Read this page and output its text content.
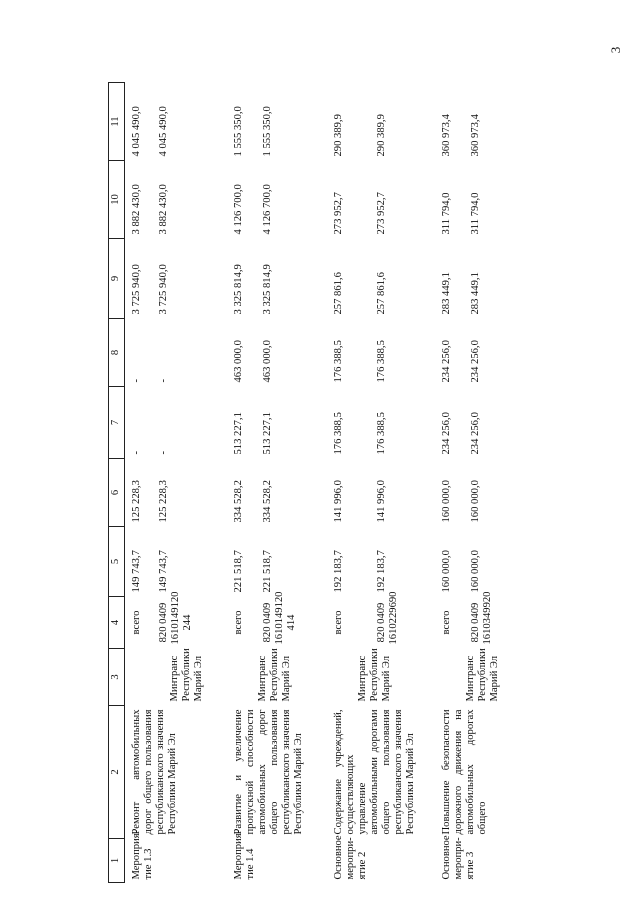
3
1	2	3	4	5	6	7	8	9	10	11
Мероприя-тие 1.3	Ремонт автомобильных дорог общего пользования республиканского значения Республики Марий Эл	Минтранс Республики Марий Эл	всего	149 743,7	125 228,3	-	-	3 725 940,0	3 882 430,0	4 045 490,0
			820 0409 1610149120 244	149 743,7	125 228,3	-	-	3 725 940,0	3 882 430,0	4 045 490,0
Мероприя-тие 1.4	Развитие и увеличение пропускной способности автомобильных дорог общего пользования республиканского значения Республики Марий Эл	Минтранс Республики Марий Эл	всего	221 518,7	334 528,2	513 227,1	463 000,0	3 325 814,9	4 126 700,0	1 555 350,0
			820 0409 1610149120 414	221 518,7	334 528,2	513 227,1	463 000,0	3 325 814,9	4 126 700,0	1 555 350,0
Основное меропри-ятие 2	Содержание учреждений, осуществляющих управление автомобильными дорогами общего пользования республиканского значения Республики Марий Эл	Минтранс Республики Марий Эл	всего	192 183,7	141 996,0	176 388,5	176 388,5	257 861,6	273 952,7	290 389,9
			820 0409 1610229690	192 183,7	141 996,0	176 388,5	176 388,5	257 861,6	273 952,7	290 389,9
Основное меропри-ятие 3	Повышение безопасности дорожного движения на автомобильных дорогах общего	Минтранс Республики Марий Эл	всего	160 000,0	160 000,0	234 256,0	234 256,0	283 449,1	311 794,0	360 973,4
			820 0409 1610349920	160 000,0	160 000,0	234 256,0	234 256,0	283 449,1	311 794,0	360 973,4
